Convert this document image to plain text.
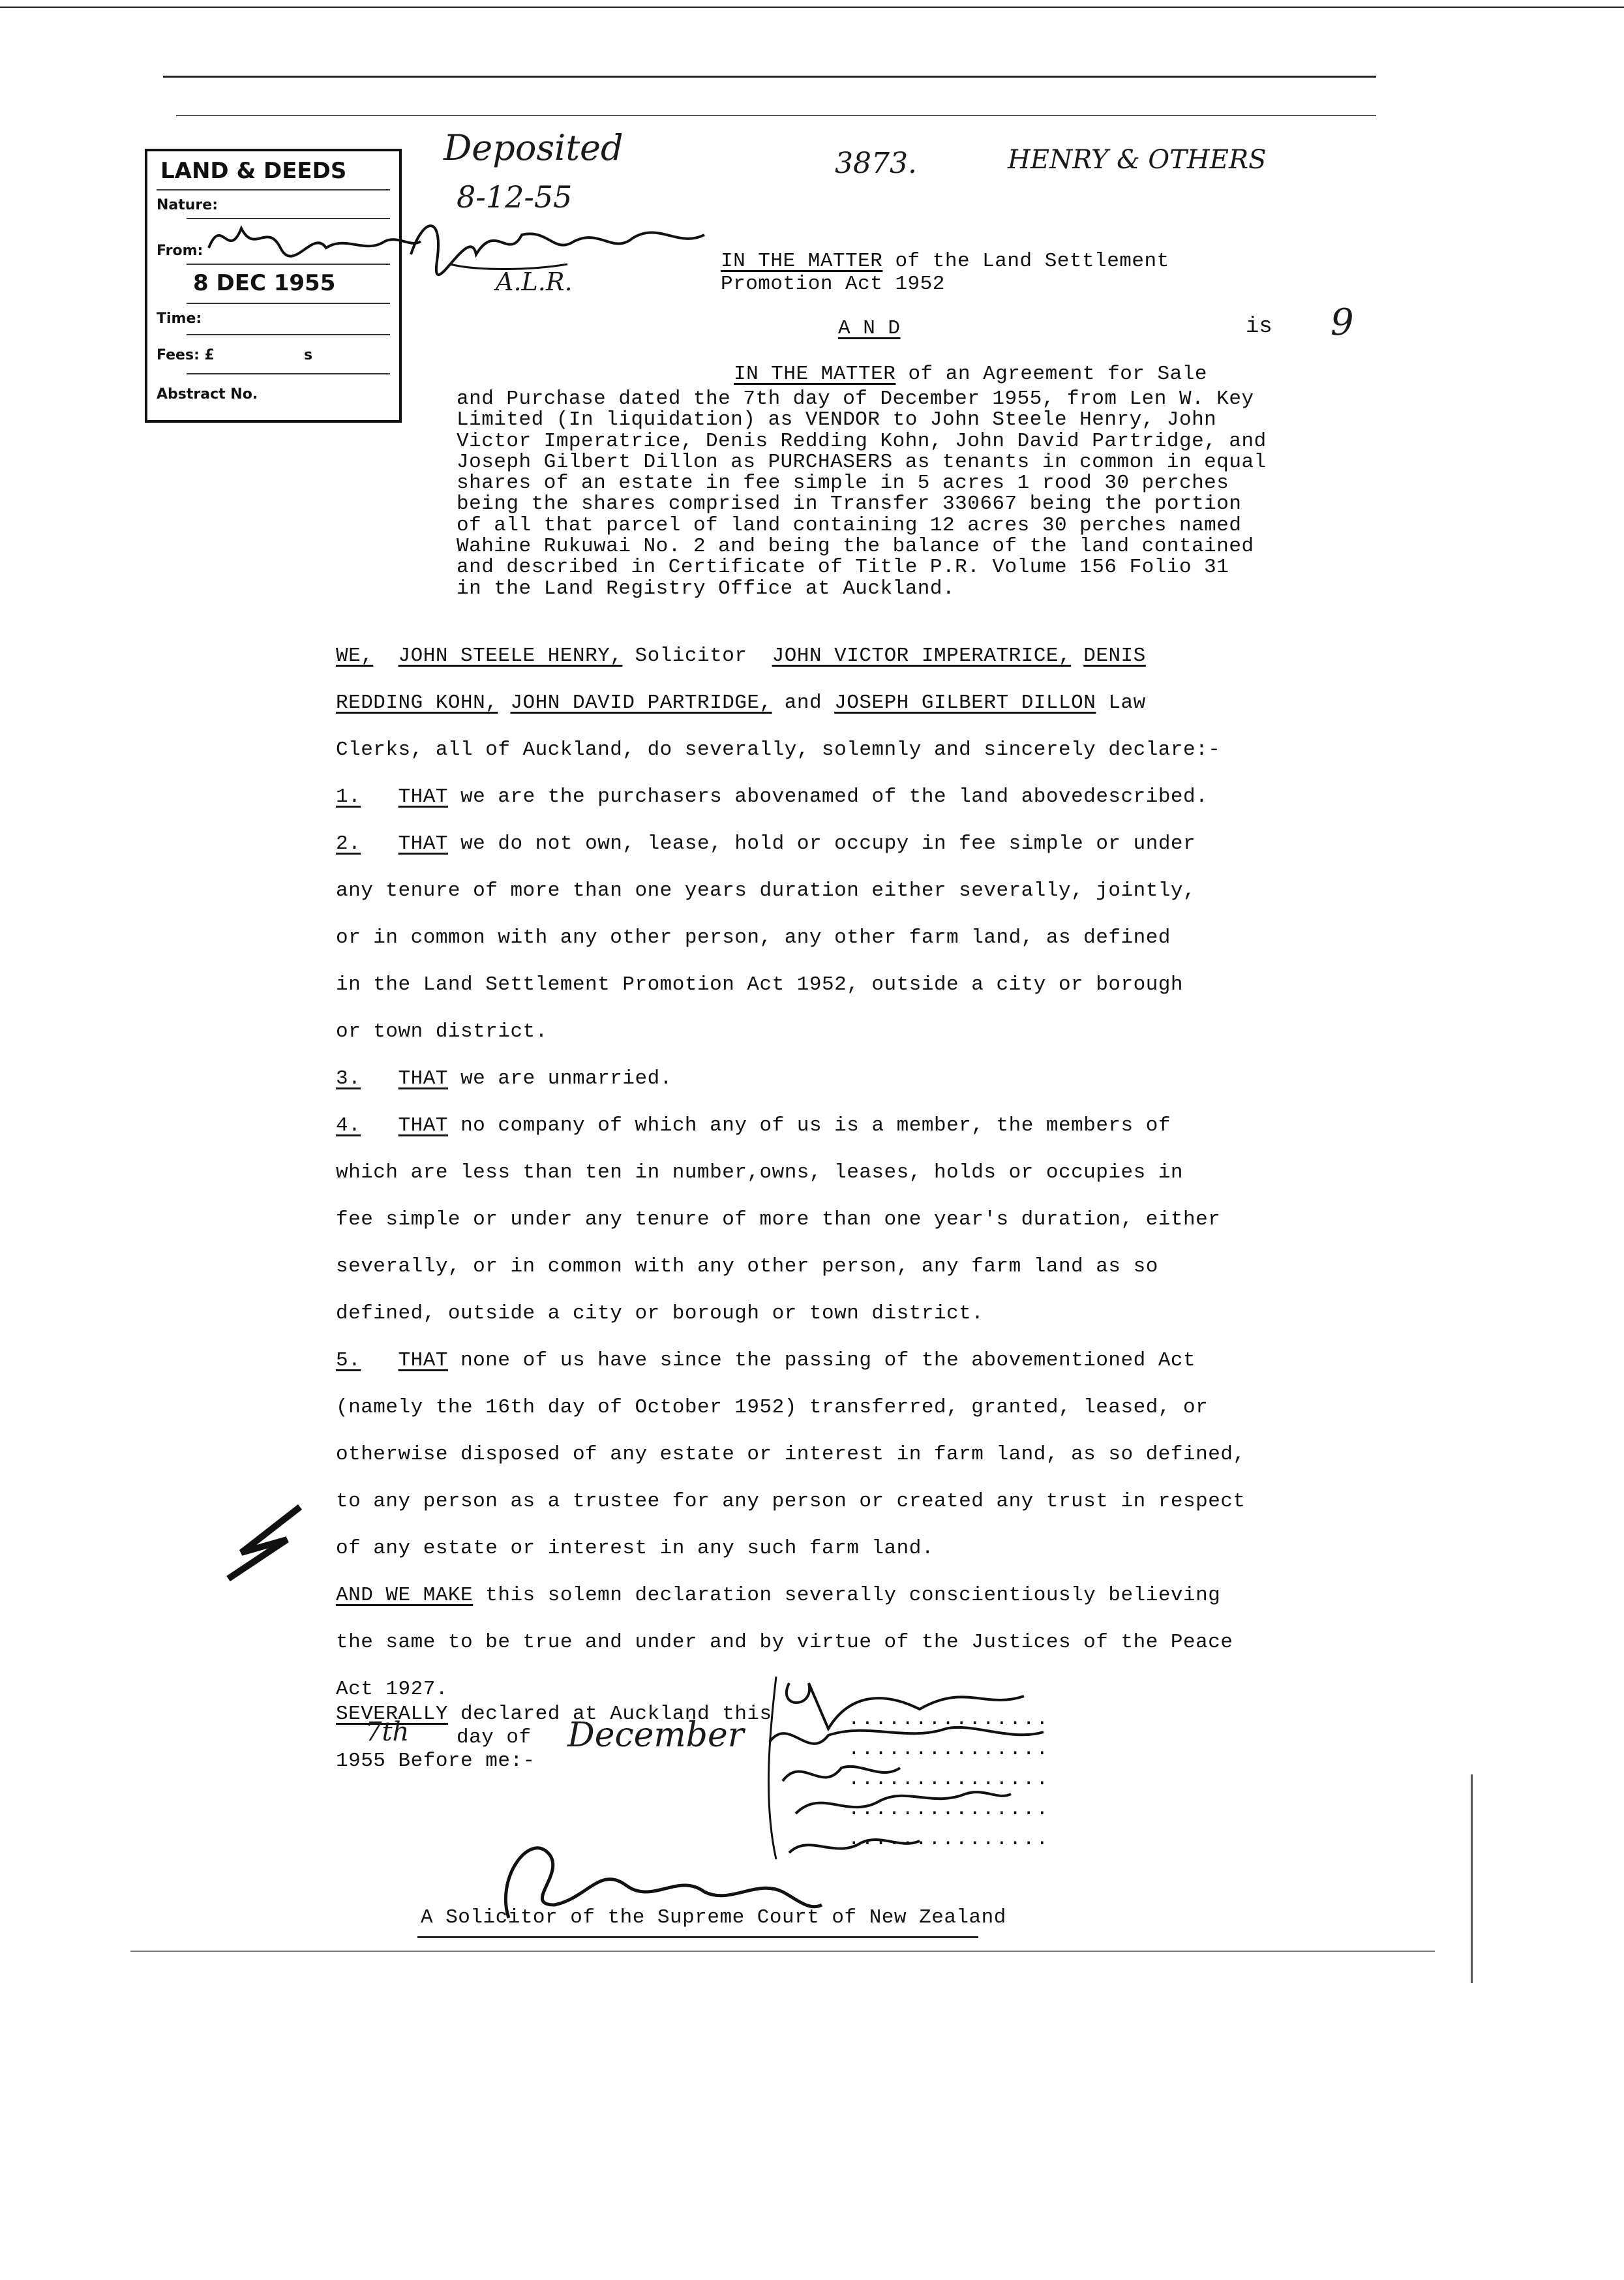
Deposited
8-12-55
3873.	HENRY & OTHERS
A.L.R.
is 9
LAND & DEEDS
Nature:
From:
8 DEC 1955
Time:
Fees: £	s
Abstract No.
IN THE MATTER of the Land Settlement
Promotion Act 1952
A N D
IN THE MATTER of an Agreement for Sale
and Purchase dated the 7th day of December 1955, from Len W. Key
Limited (In liquidation) as VENDOR to John Steele Henry, John
Victor Imperatrice, Denis Redding Kohn, John David Partridge, and
Joseph Gilbert Dillon as PURCHASERS as tenants in common in equal
shares of an estate in fee simple in 5 acres 1 rood 30 perches
being the shares comprised in Transfer 330667 being the portion
of all that parcel of land containing 12 acres 30 perches named
Wahine Rukuwai No. 2 and being the balance of the land contained
and described in Certificate of Title P.R. Volume 156 Folio 31
in the Land Registry Office at Auckland.
WE, JOHN STEELE HENRY, Solicitor JOHN VICTOR IMPERATRICE, DENIS
REDDING KOHN, JOHN DAVID PARTRIDGE, and JOSEPH GILBERT DILLON Law
Clerks, all of Auckland, do severally, solemnly and sincerely declare:-
1. THAT we are the purchasers abovenamed of the land abovedescribed.
2. THAT we do not own, lease, hold or occupy in fee simple or under
any tenure of more than one years duration either severally, jointly,
or in common with any other person, any other farm land, as defined
in the Land Settlement Promotion Act 1952, outside a city or borough
or town district.
3. THAT we are unmarried.
4. THAT no company of which any of us is a member, the members of
which are less than ten in number,owns, leases, holds or occupies in
fee simple or under any tenure of more than one year's duration, either
severally, or in common with any other person, any farm land as so
defined, outside a city or borough or town district.
5. THAT none of us have since the passing of the abovementioned Act
(namely the 16th day of October 1952) transferred, granted, leased, or
otherwise disposed of any estate or interest in farm land, as so defined,
to any person as a trustee for any person or created any trust in respect
of any estate or interest in any such farm land.
AND WE MAKE this solemn declaration severally conscientiously believing
the same to be true and under and by virtue of the Justices of the Peace
Act 1927.
SEVERALLY declared at Auckland this
7th day of December
1955 Before me:-
...............
...............
...............
...............
...............
A Solicitor of the Supreme Court of New Zealand
